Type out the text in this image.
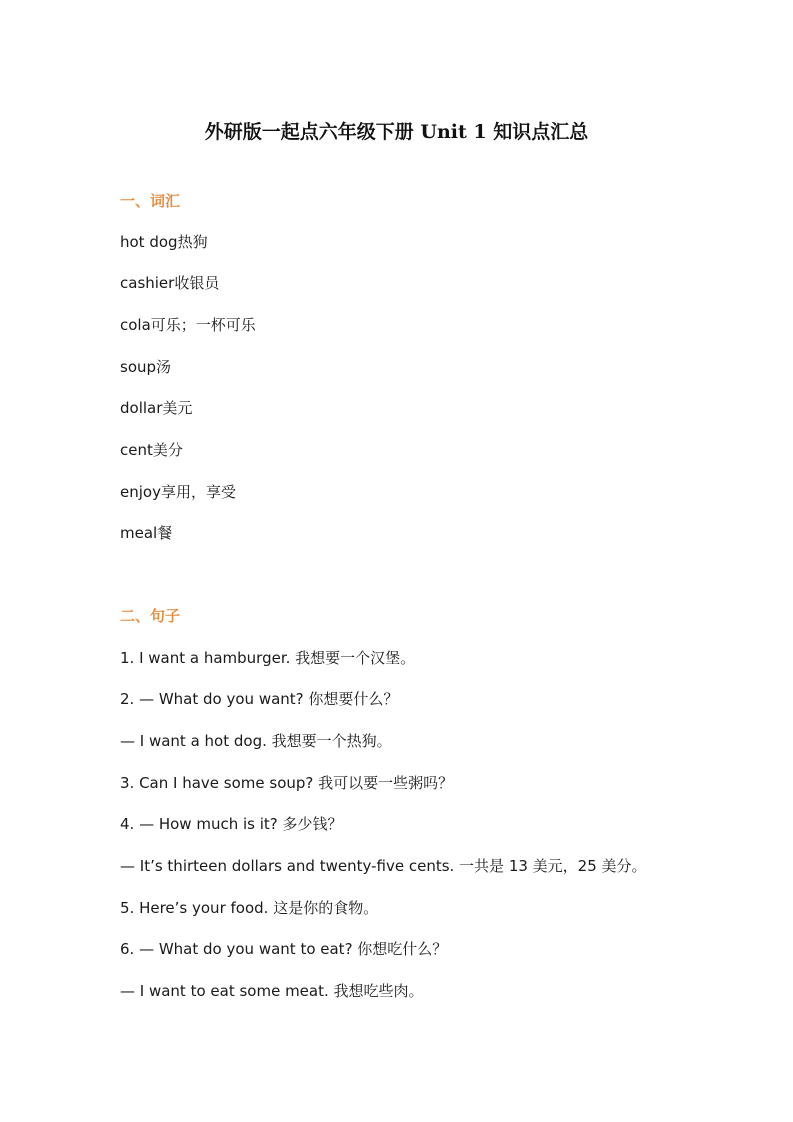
外研版一起点六年级下册 Unit 1 知识点汇总
一、词汇
hot dog热狗
cashier收银员
cola可乐；一杯可乐
soup汤
dollar美元
cent美分
enjoy享用，享受
meal餐
二、句子
1. I want a hamburger. 我想要一个汉堡。
2. — What do you want? 你想要什么？
— I want a hot dog. 我想要一个热狗。
3. Can I have some soup? 我可以要一些粥吗？
4. — How much is it? 多少钱？
— It’s thirteen dollars and twenty-five cents. 一共是 13 美元，25 美分。
5. Here’s your food. 这是你的食物。
6. — What do you want to eat? 你想吃什么？
— I want to eat some meat. 我想吃些肉。
